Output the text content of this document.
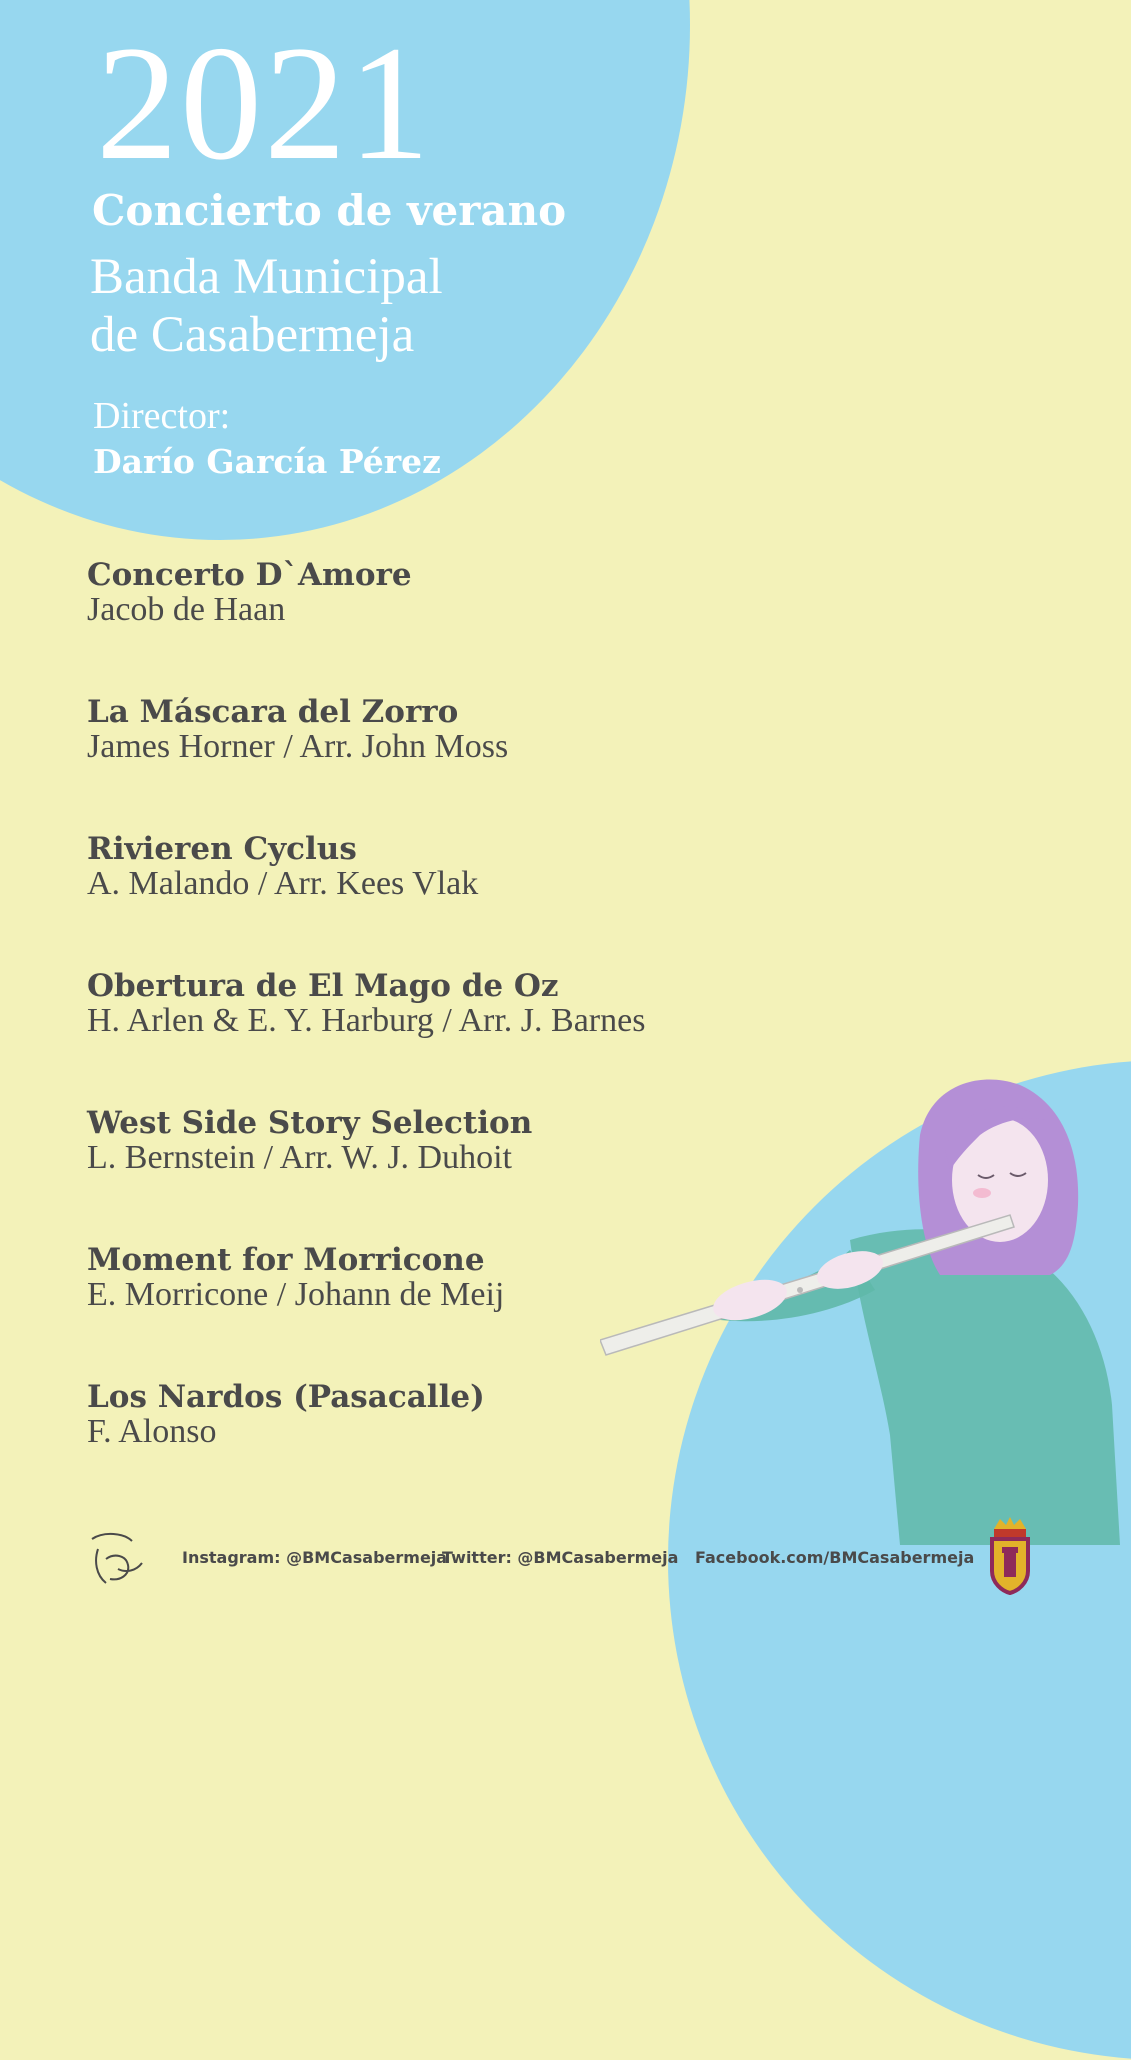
2021
Concierto de verano
Banda Municipal
de Casabermeja
Director:
Darío García Pérez
Concerto D`Amore
Jacob de Haan
La Máscara del Zorro
James Horner / Arr. John Moss
Rivieren Cyclus
A. Malando / Arr. Kees Vlak
Obertura de El Mago de Oz
H. Arlen & E. Y. Harburg / Arr. J. Barnes
West Side Story Selection
L. Bernstein / Arr. W. J. Duhoit
Moment for Morricone
E. Morricone / Johann de Meij
Los Nardos (Pasacalle)
F. Alonso
Instagram: @BMCasabermeja
Twitter: @BMCasabermeja Facebook.com/BMCasabermeja
